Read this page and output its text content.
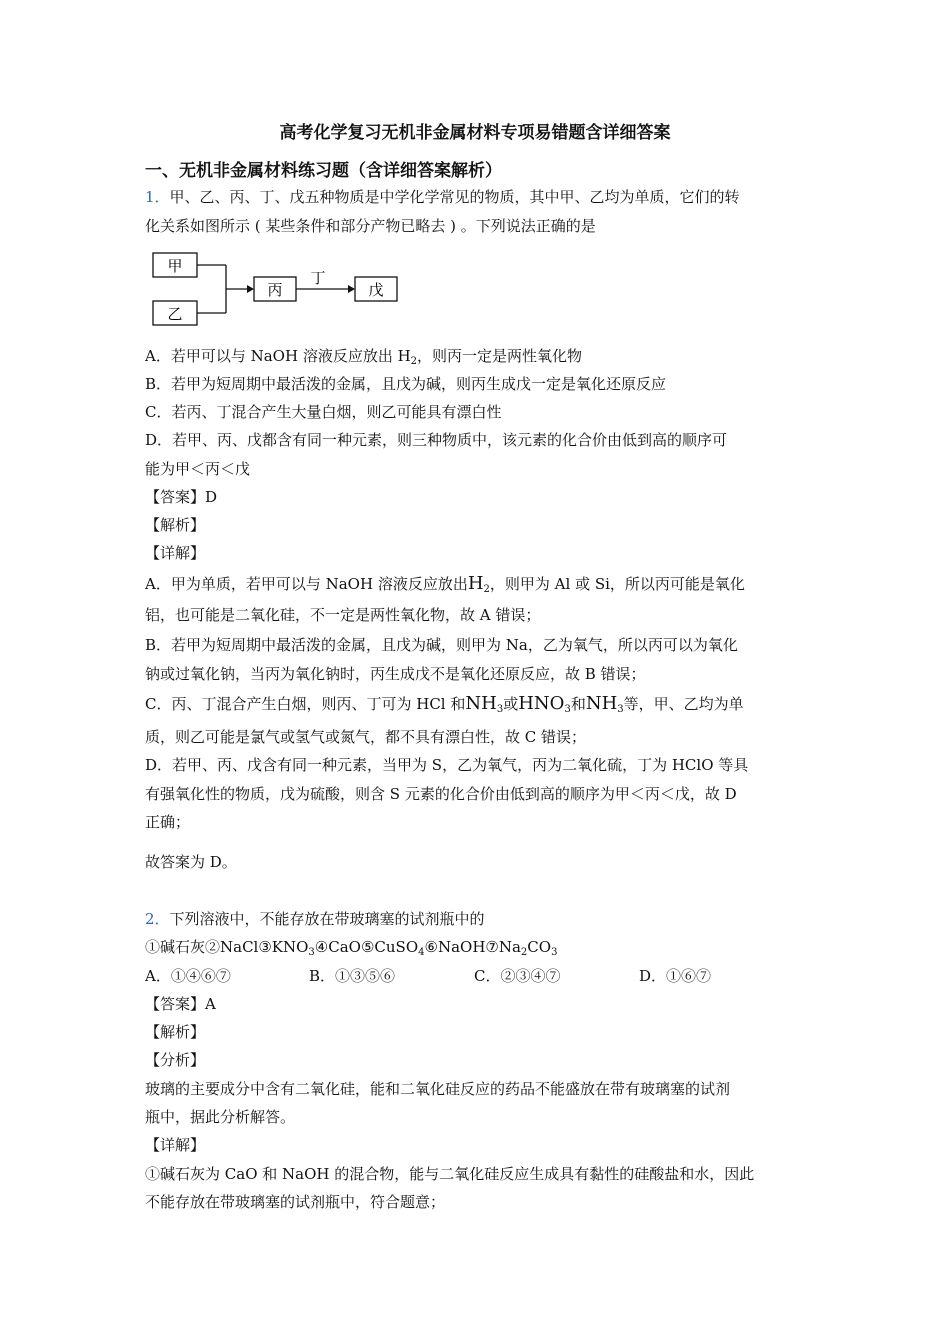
高考化学复习无机非金属材料专项易错题含详细答案
一、无机非金属材料练习题（含详细答案解析）
1．甲、乙、丙、丁、戊五种物质是中学化学常见的物质，其中甲、乙均为单质，它们的转
化关系如图所示 ( 某些条件和部分产物已略去 ) 。下列说法正确的是
甲
乙
丙	戊
丁
A．若甲可以与 NaOH 溶液反应放出 $H_2$，则丙一定是两性氧化物
B．若甲为短周期中最活泼的金属，且戊为碱，则丙生成戊一定是氧化还原反应
C．若丙、丁混合产生大量白烟，则乙可能具有漂白性
D．若甲、丙、戊都含有同一种元素，则三种物质中，该元素的化合价由低到高的顺序可
能为甲＜丙＜戊
【答案】D
【解析】
【详解】
A．甲为单质，若甲可以与 NaOH 溶液反应放出$H_2$，则甲为 Al 或 Si，所以丙可能是氧化
铝，也可能是二氧化硅，不一定是两性氧化物，故 A 错误；
B．若甲为短周期中最活泼的金属，且戊为碱，则甲为 Na，乙为氧气，所以丙可以为氧化
钠或过氧化钠，当丙为氧化钠时，丙生成戊不是氧化还原反应，故 B 错误；
C．丙、丁混合产生白烟，则丙、丁可为 HCl 和$NH_3$或$HNO_3$和$NH_3$等，甲、乙均为单
质，则乙可能是氯气或氢气或氮气，都不具有漂白性，故 C 错误；
D．若甲、丙、戊含有同一种元素，当甲为 S，乙为氧气，丙为二氧化硫，丁为 HClO 等具
有强氧化性的物质，戊为硫酸，则含 S 元素的化合价由低到高的顺序为甲＜丙＜戊，故 D
正确；
故答案为 D。
2．下列溶液中，不能存放在带玻璃塞的试剂瓶中的
①碱石灰$②NaCl③KNO_3④CaO⑤CuSO_4⑥NaOH⑦Na_2CO_3$
A．①④⑥⑦	B．①③⑤⑥	C．②③④⑦	D．①⑥⑦
【答案】A
【解析】
【分析】
玻璃的主要成分中含有二氧化硅，能和二氧化硅反应的药品不能盛放在带有玻璃塞的试剂
瓶中，据此分析解答。
【详解】
①碱石灰为 CaO 和 NaOH 的混合物，能与二氧化硅反应生成具有黏性的硅酸盐和水，因此
不能存放在带玻璃塞的试剂瓶中，符合题意；
